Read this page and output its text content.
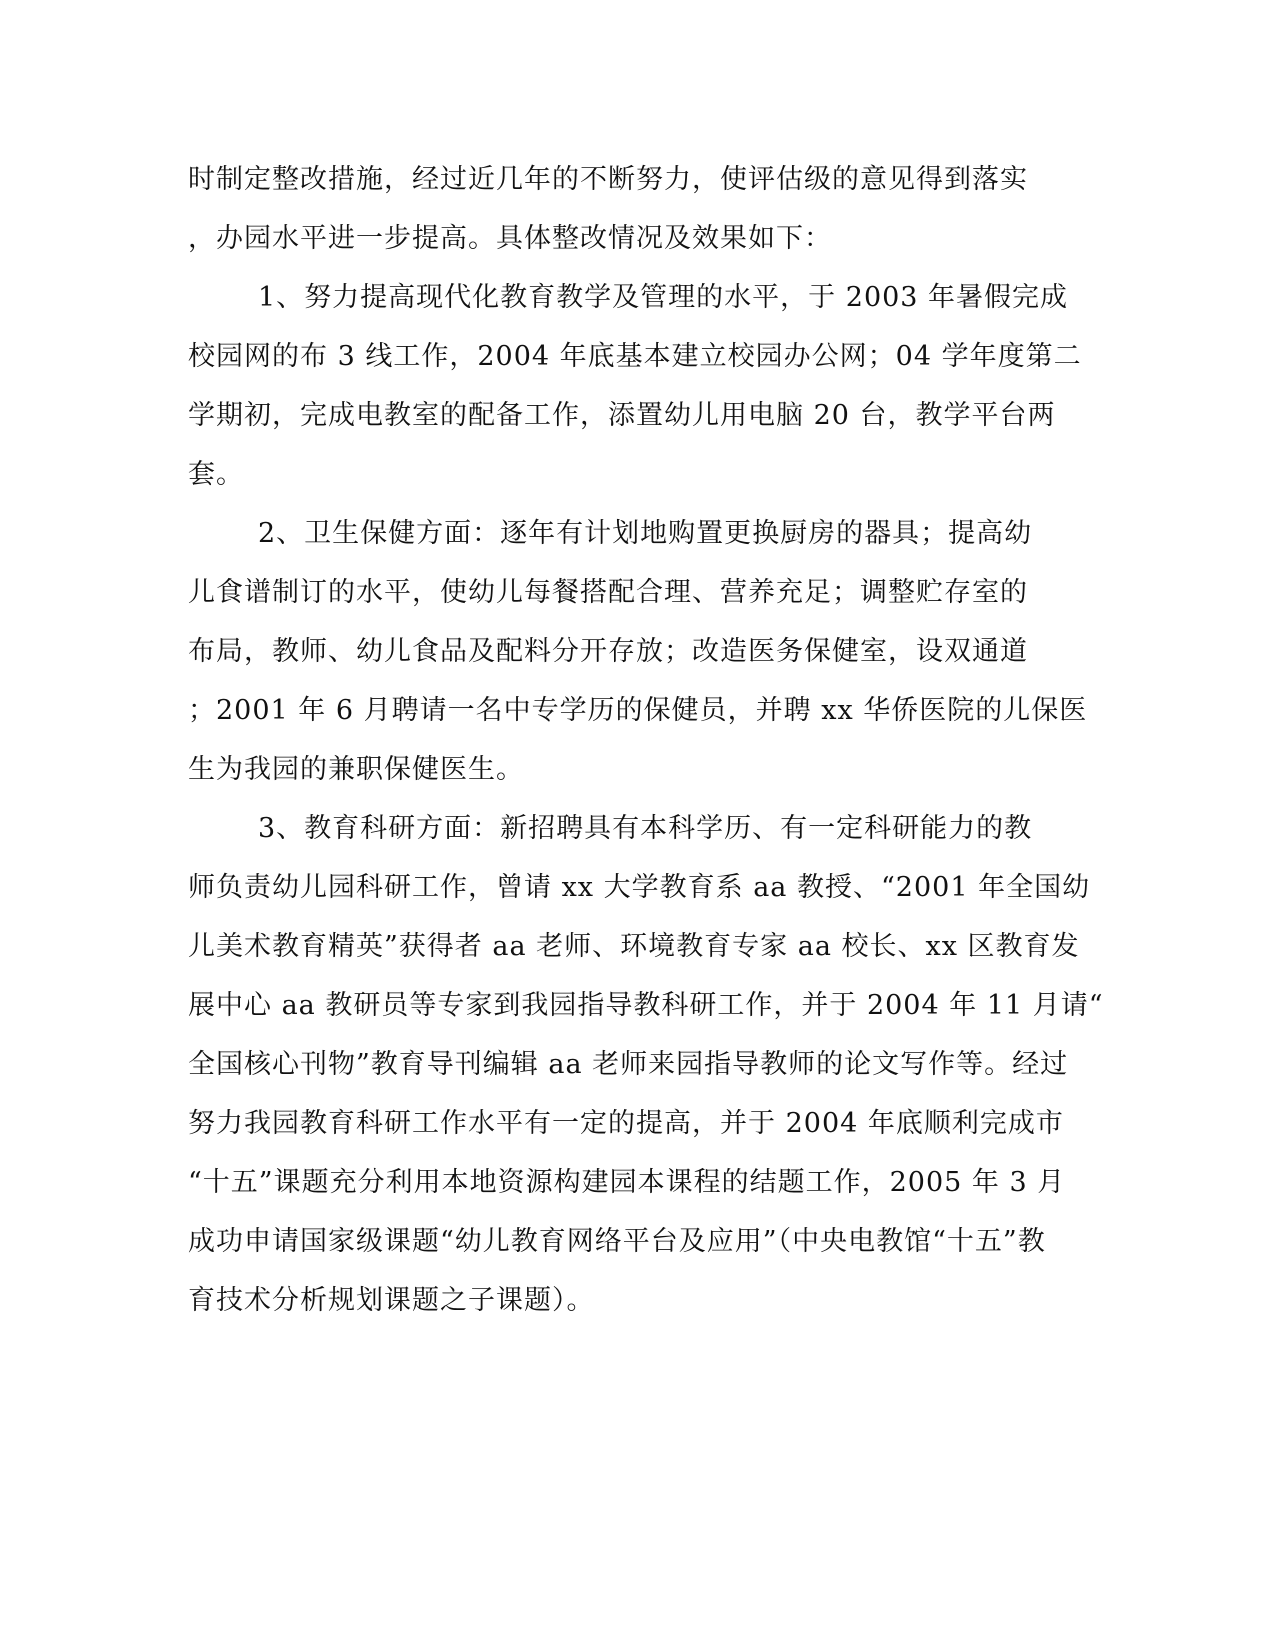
时制定整改措施，经过近几年的不断努力，使评估级的意见得到落实
，办园水平进一步提高。具体整改情况及效果如下：
1、努力提高现代化教育教学及管理的水平，于 2003 年暑假完成
校园网的布 3 线工作，2004 年底基本建立校园办公网；04 学年度第二
学期初，完成电教室的配备工作，添置幼儿用电脑 20 台，教学平台两
套。
2、卫生保健方面：逐年有计划地购置更换厨房的器具；提高幼
儿食谱制订的水平，使幼儿每餐搭配合理、营养充足；调整贮存室的
布局，教师、幼儿食品及配料分开存放；改造医务保健室，设双通道
；2001 年 6 月聘请一名中专学历的保健员，并聘 xx 华侨医院的儿保医
生为我园的兼职保健医生。
3、教育科研方面：新招聘具有本科学历、有一定科研能力的教
师负责幼儿园科研工作，曾请 xx 大学教育系 aa 教授、“2001 年全国幼
儿美术教育精英”获得者 aa 老师、环境教育专家 aa 校长、xx 区教育发
展中心 aa 教研员等专家到我园指导教科研工作，并于 2004 年 11 月请“
全国核心刊物”教育导刊编辑 aa 老师来园指导教师的论文写作等。经过
努力我园教育科研工作水平有一定的提高，并于 2004 年底顺利完成市
“十五”课题充分利用本地资源构建园本课程的结题工作，2005 年 3 月
成功申请国家级课题“幼儿教育网络平台及应用”（中央电教馆“十五”教
育技术分析规划课题之子课题）。
